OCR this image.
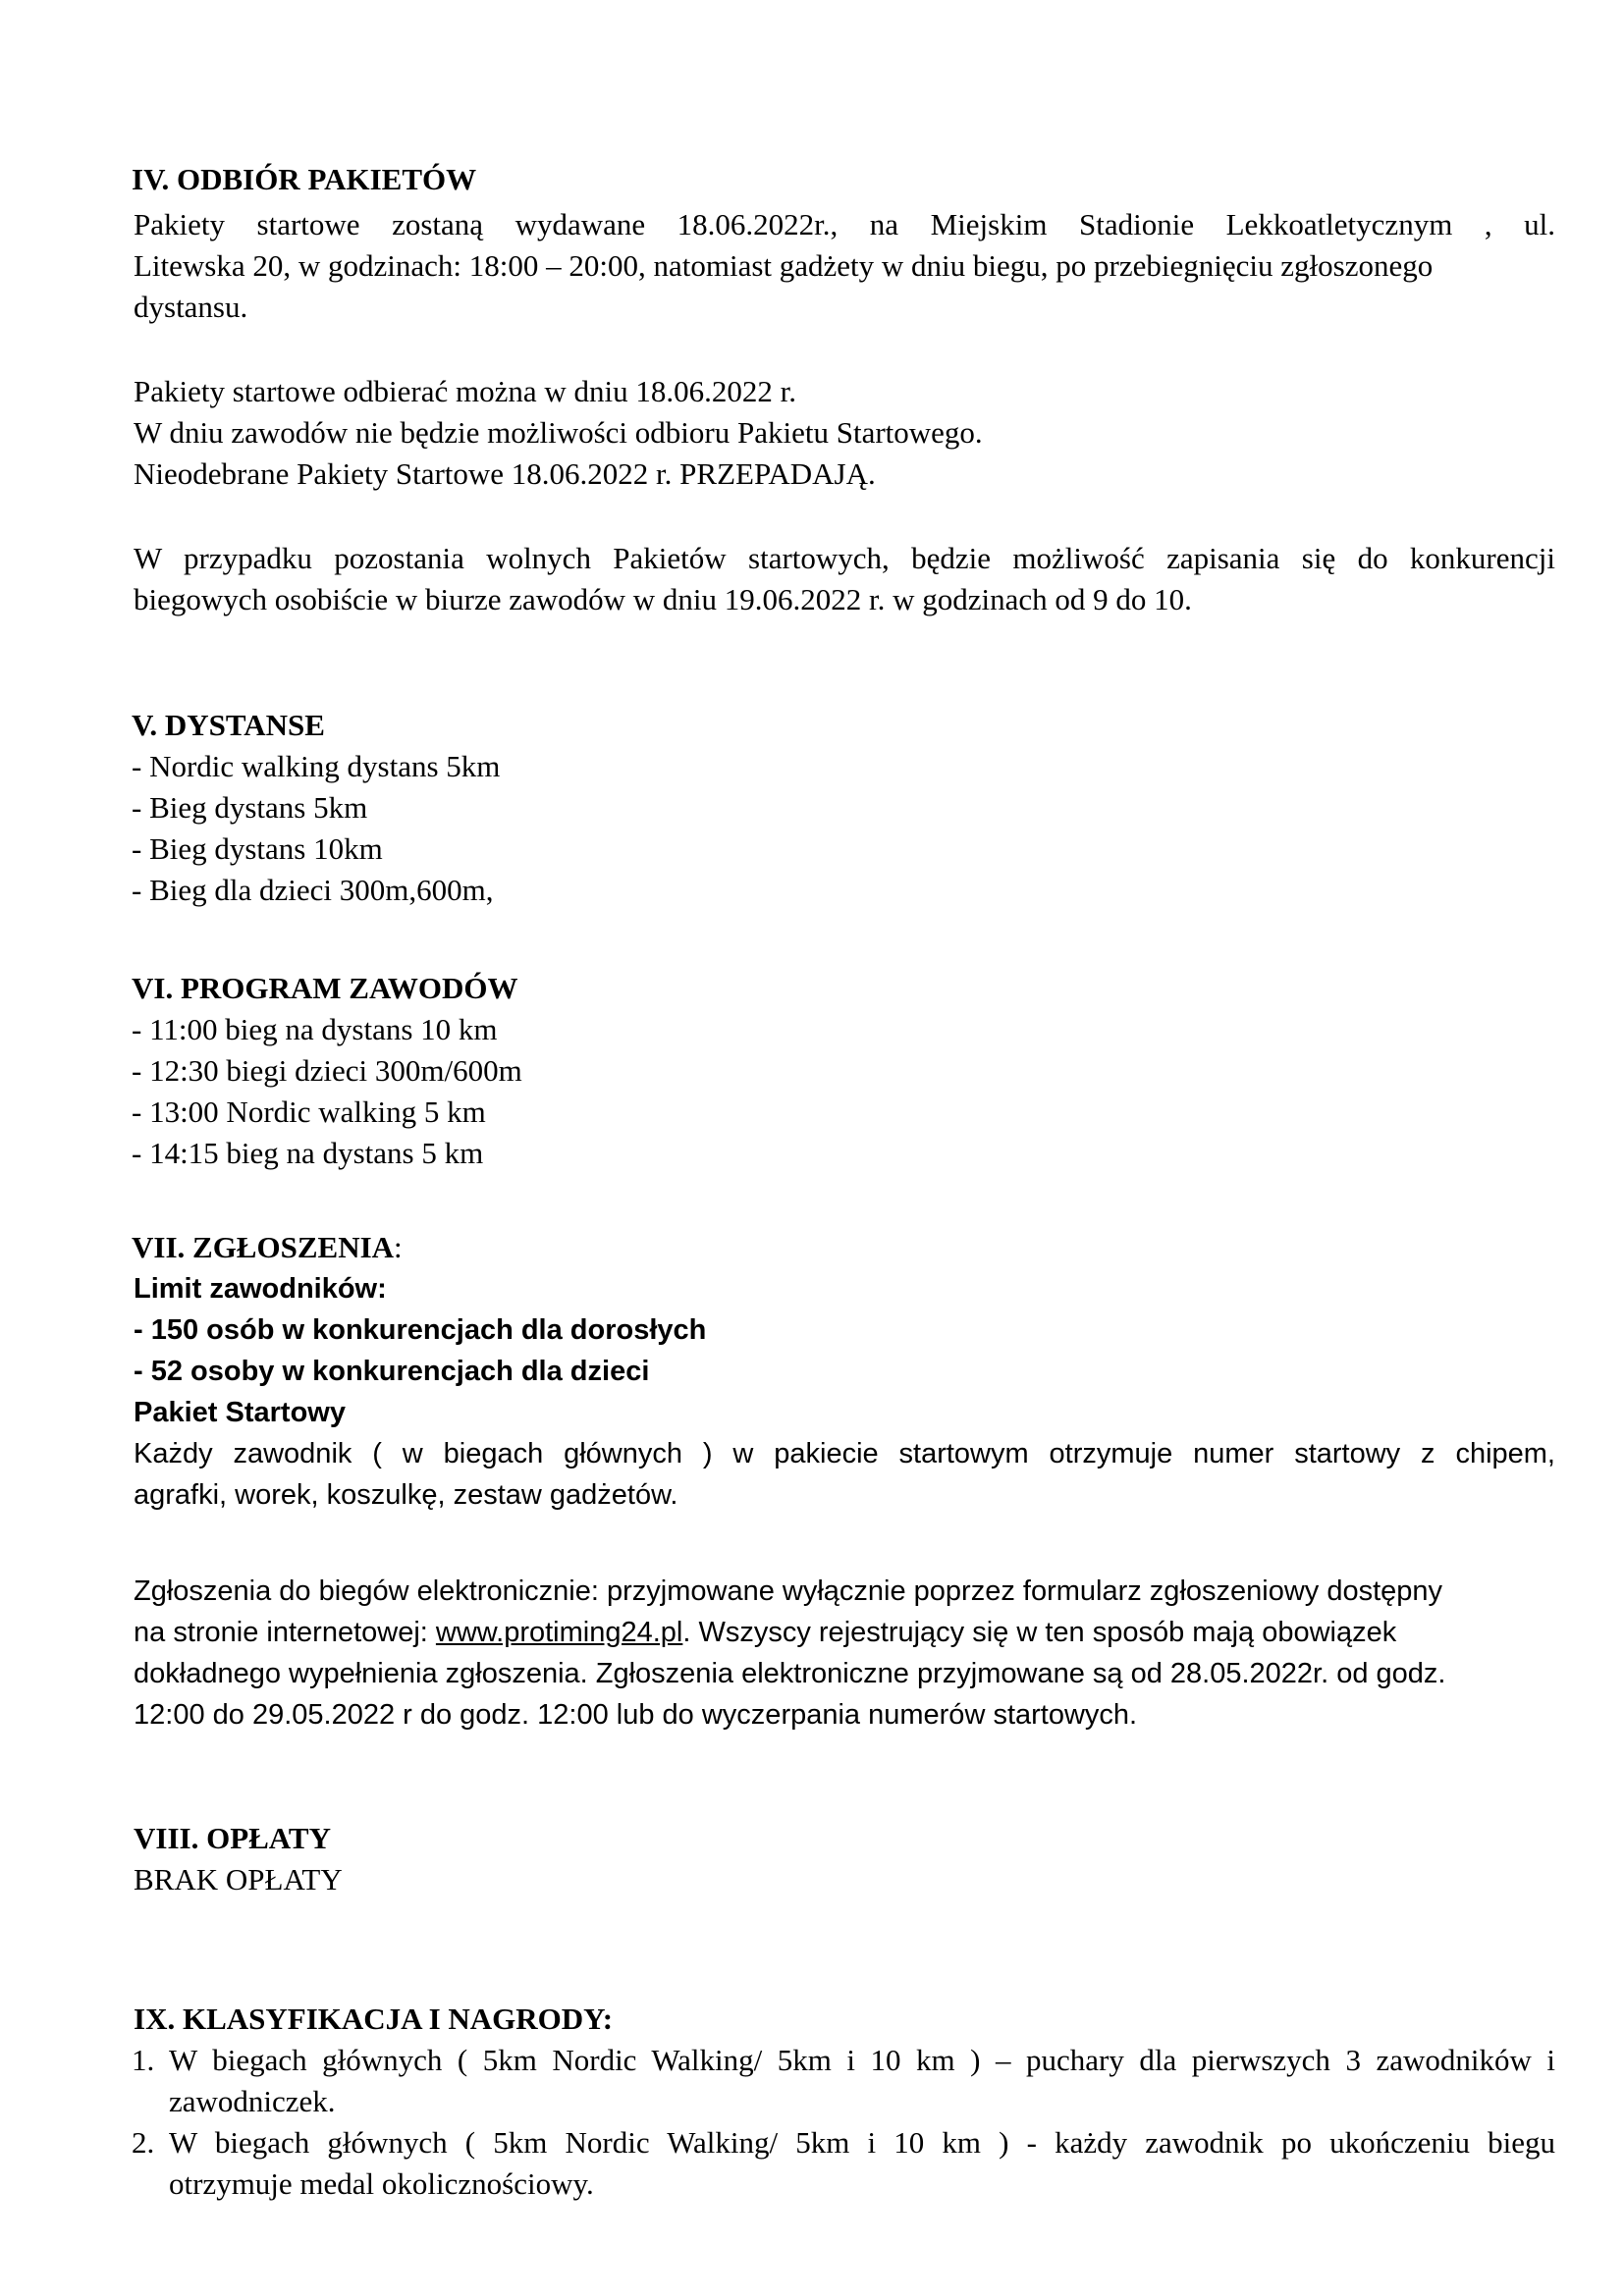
IV. ODBIÓR PAKIETÓW
Pakiety startowe zostaną wydawane 18.06.2022r., na Miejskim Stadionie Lekkoatletycznym , ul.
Litewska 20, w godzinach: 18:00 – 20:00, natomiast gadżety w dniu biegu, po przebiegnięciu zgłoszonego
dystansu.
Pakiety startowe odbierać można w dniu 18.06.2022 r.
W dniu zawodów nie będzie możliwości odbioru Pakietu Startowego.
Nieodebrane Pakiety Startowe 18.06.2022 r. PRZEPADAJĄ.
W przypadku pozostania wolnych Pakietów startowych, będzie możliwość zapisania się do konkurencji
biegowych osobiście w biurze zawodów w dniu 19.06.2022 r. w godzinach od 9 do 10.
V. DYSTANSE
- Nordic walking dystans 5km
- Bieg dystans 5km
- Bieg dystans 10km
- Bieg dla dzieci 300m,600m,
VI. PROGRAM ZAWODÓW
- 11:00 bieg na dystans 10 km
- 12:30 biegi dzieci 300m/600m
- 13:00 Nordic walking 5 km
- 14:15 bieg na dystans 5 km
VII. ZGŁOSZENIA:
Limit zawodników:
- 150 osób w konkurencjach dla dorosłych
- 52 osoby w konkurencjach dla dzieci
Pakiet Startowy
Każdy zawodnik ( w biegach głównych ) w pakiecie startowym otrzymuje numer startowy z chipem,
agrafki, worek, koszulkę, zestaw gadżetów.
Zgłoszenia do biegów elektronicznie: przyjmowane wyłącznie poprzez formularz zgłoszeniowy dostępny
na stronie internetowej: www.protiming24.pl. Wszyscy rejestrujący się w ten sposób mają obowiązek
dokładnego wypełnienia zgłoszenia. Zgłoszenia elektroniczne przyjmowane są od 28.05.2022r. od godz.
12:00 do 29.05.2022 r do godz. 12:00 lub do wyczerpania numerów startowych.
VIII. OPŁATY
BRAK OPŁATY
IX. KLASYFIKACJA I NAGRODY:
1. W biegach głównych ( 5km Nordic Walking/ 5km i 10 km ) – puchary dla pierwszych 3 zawodników i
zawodniczek.
2. W biegach głównych ( 5km Nordic Walking/ 5km i 10 km ) - każdy zawodnik po ukończeniu biegu
otrzymuje medal okolicznościowy.
